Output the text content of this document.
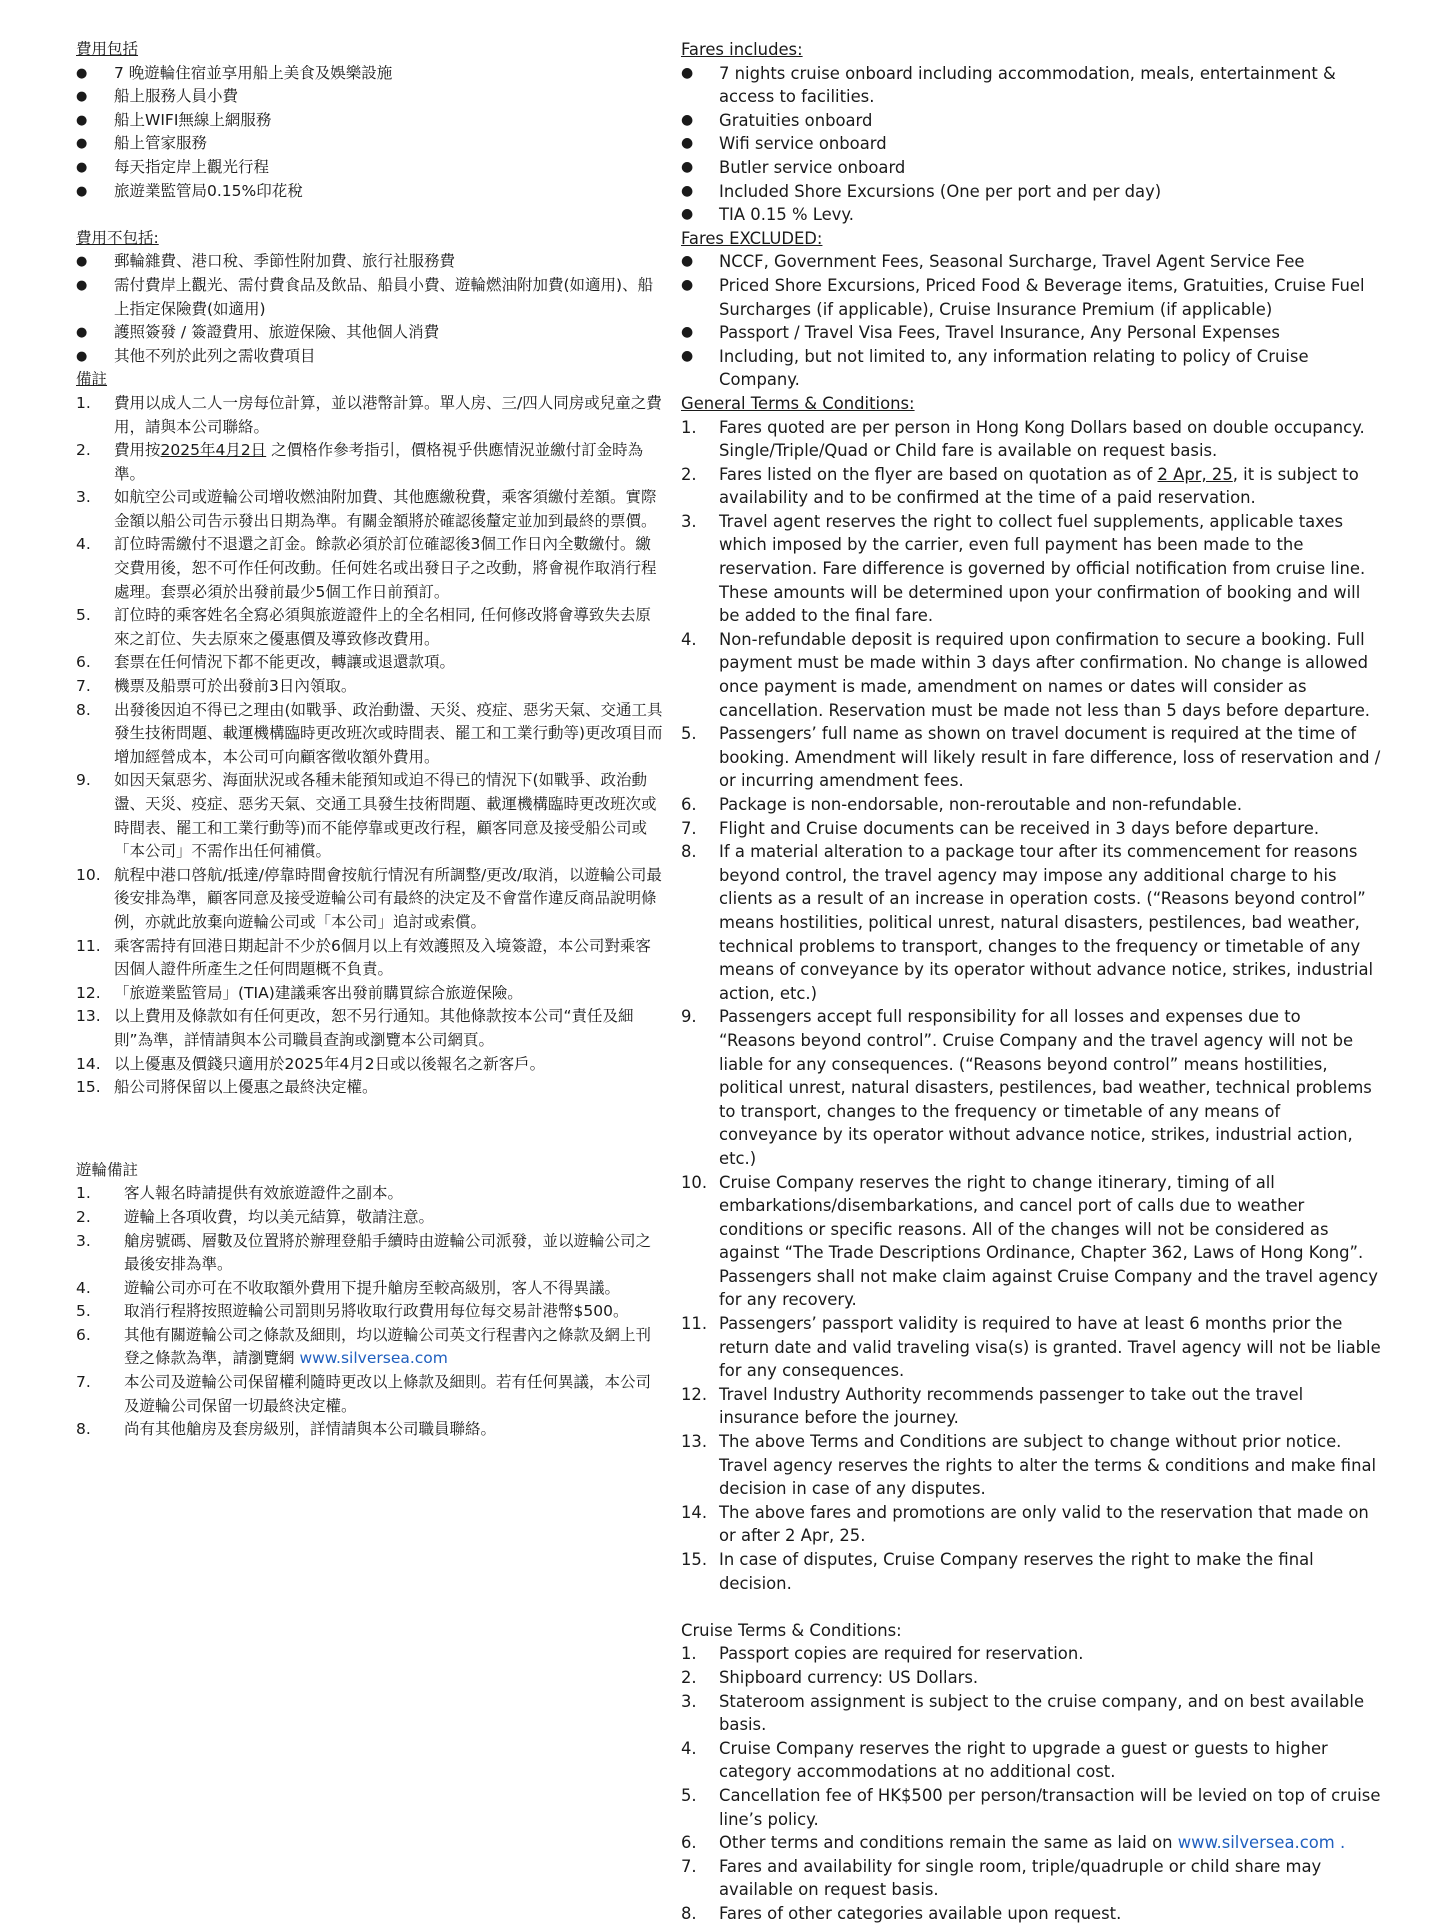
費用包括
● 7 晚遊輪住宿並享用船上美食及娛樂設施
● 船上服務人員小費
● 船上WIFI無線上網服務
● 船上管家服務
● 每天指定岸上觀光行程
● 旅遊業監管局0.15%印花稅
費用不包括:
● 郵輪雜費、港口稅、季節性附加費、旅行社服務費
● 需付費岸上觀光、需付費食品及飲品、船員小費、遊輪燃油附加費(如適用)、船上指定保險費(如適用)
● 護照簽發 / 簽證費用、旅遊保險、其他個人消費
● 其他不列於此列之需收費項目
備註
1. 費用以成人二人一房每位計算，並以港幣計算。單人房、三/四人同房或兒童之費用，請與本公司聯絡。
2. 費用按2025年4月2日 之價格作參考指引，價格視乎供應情況並繳付訂金時為準。
3. 如航空公司或遊輪公司增收燃油附加費、其他應繳稅費，乘客須繳付差額。實際金額以船公司告示發出日期為準。有關金額將於確認後釐定並加到最終的票價。
4. 訂位時需繳付不退還之訂金。餘款必須於訂位確認後3個工作日內全數繳付。繳交費用後，恕不可作任何改動。任何姓名或出發日子之改動，將會視作取消行程處理。套票必須於出發前最少5個工作日前預訂。
5. 訂位時的乘客姓名全寫必須與旅遊證件上的全名相同, 任何修改將會導致失去原來之訂位、失去原來之優惠價及導致修改費用。
6. 套票在任何情況下都不能更改，轉讓或退還款項。
7. 機票及船票可於出發前3日內領取。
8. 出發後因迫不得已之理由(如戰爭、政治動盪、天災、疫症、惡劣天氣、交通工具發生技術問題、載運機構臨時更改班次或時間表、罷工和工業行動等)更改項目而增加經營成本，本公司可向顧客徵收額外費用。
9. 如因天氣惡劣、海面狀況或各種未能預知或迫不得已的情況下(如戰爭、政治動盪、天災、疫症、惡劣天氣、交通工具發生技術問題、載運機構臨時更改班次或時間表、罷工和工業行動等)而不能停靠或更改行程，顧客同意及接受船公司或「本公司」不需作出任何補償。
10. 航程中港口啓航/抵達/停靠時間會按航行情況有所調整/更改/取消，以遊輪公司最後安排為準，顧客同意及接受遊輪公司有最終的決定及不會當作違反商品說明條例，亦就此放棄向遊輪公司或「本公司」追討或索償。
11. 乘客需持有回港日期起計不少於6個月以上有效護照及入境簽證，本公司對乘客因個人證件所產生之任何問題概不負責。
12. 「旅遊業監管局」(TIA)建議乘客出發前購買綜合旅遊保險。
13. 以上費用及條款如有任何更改，恕不另行通知。其他條款按本公司“責任及細則”為準，詳情請與本公司職員查詢或瀏覽本公司網頁。
14. 以上優惠及價錢只適用於2025年4月2日或以後報名之新客戶。
15. 船公司將保留以上優惠之最終決定權。
遊輪備註
1. 客人報名時請提供有效旅遊證件之副本。
2. 遊輪上各項收費，均以美元結算，敬請注意。
3. 艙房號碼、層數及位置將於辦理登船手續時由遊輪公司派發，並以遊輪公司之最後安排為準。
4. 遊輪公司亦可在不收取額外費用下提升艙房至較高級別，客人不得異議。
5. 取消行程將按照遊輪公司罰則另將收取行政費用每位每交易計港幣$500。
6. 其他有關遊輪公司之條款及細則，均以遊輪公司英文行程書內之條款及網上刊登之條款為準，請瀏覽網 www.silversea.com
7. 本公司及遊輪公司保留權利隨時更改以上條款及細則。若有任何異議，本公司及遊輪公司保留一切最終決定權。
8. 尚有其他艙房及套房級別，詳情請與本公司職員聯絡。
Fares includes:
● 7 nights cruise onboard including accommodation, meals, entertainment & access to facilities.
● Gratuities onboard
● Wifi service onboard
● Butler service onboard
● Included Shore Excursions (One per port and per day)
● TIA 0.15 % Levy.
Fares EXCLUDED:
● NCCF, Government Fees, Seasonal Surcharge, Travel Agent Service Fee
● Priced Shore Excursions, Priced Food & Beverage items, Gratuities, Cruise Fuel Surcharges (if applicable), Cruise Insurance Premium (if applicable)
● Passport / Travel Visa Fees, Travel Insurance, Any Personal Expenses
● Including, but not limited to, any information relating to policy of Cruise Company.
General Terms & Conditions:
1. Fares quoted are per person in Hong Kong Dollars based on double occupancy. Single/Triple/Quad or Child fare is available on request basis.
2. Fares listed on the flyer are based on quotation as of 2 Apr, 25, it is subject to availability and to be confirmed at the time of a paid reservation.
3. Travel agent reserves the right to collect fuel supplements, applicable taxes which imposed by the carrier, even full payment has been made to the reservation. Fare difference is governed by official notification from cruise line. These amounts will be determined upon your confirmation of booking and will be added to the final fare.
4. Non-refundable deposit is required upon confirmation to secure a booking. Full payment must be made within 3 days after confirmation. No change is allowed once payment is made, amendment on names or dates will consider as cancellation. Reservation must be made not less than 5 days before departure.
5. Passengers’ full name as shown on travel document is required at the time of booking. Amendment will likely result in fare difference, loss of reservation and / or incurring amendment fees.
6. Package is non-endorsable, non-reroutable and non-refundable.
7. Flight and Cruise documents can be received in 3 days before departure.
8. If a material alteration to a package tour after its commencement for reasons beyond control, the travel agency may impose any additional charge to his clients as a result of an increase in operation costs. (“Reasons beyond control” means hostilities, political unrest, natural disasters, pestilences, bad weather, technical problems to transport, changes to the frequency or timetable of any means of conveyance by its operator without advance notice, strikes, industrial action, etc.)
9. Passengers accept full responsibility for all losses and expenses due to “Reasons beyond control”. Cruise Company and the travel agency will not be liable for any consequences. (“Reasons beyond control” means hostilities, political unrest, natural disasters, pestilences, bad weather, technical problems to transport, changes to the frequency or timetable of any means of conveyance by its operator without advance notice, strikes, industrial action, etc.)
10. Cruise Company reserves the right to change itinerary, timing of all embarkations/disembarkations, and cancel port of calls due to weather conditions or specific reasons. All of the changes will not be considered as against “The Trade Descriptions Ordinance, Chapter 362, Laws of Hong Kong”. Passengers shall not make claim against Cruise Company and the travel agency for any recovery.
11. Passengers’ passport validity is required to have at least 6 months prior the return date and valid traveling visa(s) is granted. Travel agency will not be liable for any consequences.
12. Travel Industry Authority recommends passenger to take out the travel insurance before the journey.
13. The above Terms and Conditions are subject to change without prior notice. Travel agency reserves the rights to alter the terms & conditions and make final decision in case of any disputes.
14. The above fares and promotions are only valid to the reservation that made on or after 2 Apr, 25.
15. In case of disputes, Cruise Company reserves the right to make the final decision.
Cruise Terms & Conditions:
1. Passport copies are required for reservation.
2. Shipboard currency: US Dollars.
3. Stateroom assignment is subject to the cruise company, and on best available basis.
4. Cruise Company reserves the right to upgrade a guest or guests to higher category accommodations at no additional cost.
5. Cancellation fee of HK$500 per person/transaction will be levied on top of cruise line’s policy.
6. Other terms and conditions remain the same as laid on www.silversea.com .
7. Fares and availability for single room, triple/quadruple or child share may available on request basis.
8. Fares of other categories available upon request.
